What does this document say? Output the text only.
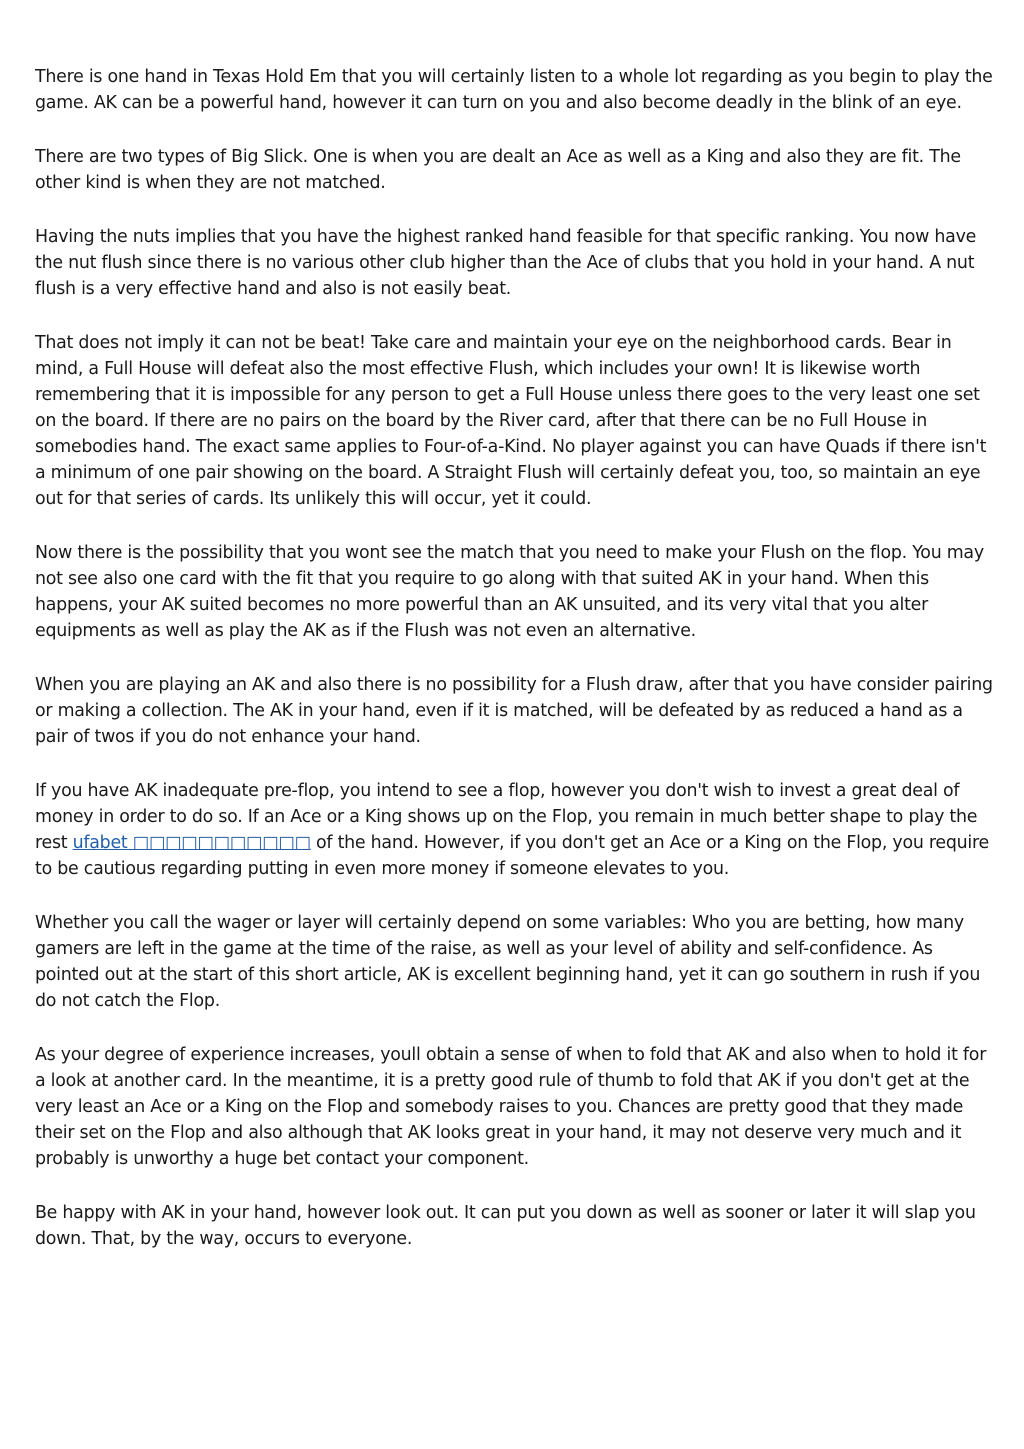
There is one hand in Texas Hold Em that you will certainly listen to a whole lot regarding as you begin to play the game. AK can be a powerful hand, however it can turn on you and also become deadly in the blink of an eye.

There are two types of Big Slick. One is when you are dealt an Ace as well as a King and also they are fit. The other kind is when they are not matched.

Having the nuts implies that you have the highest ranked hand feasible for that specific ranking. You now have the nut flush since there is no various other club higher than the Ace of clubs that you hold in your hand. A nut flush is a very effective hand and also is not easily beat.

That does not imply it can not be beat! Take care and maintain your eye on the neighborhood cards. Bear in mind, a Full House will defeat also the most effective Flush, which includes your own! It is likewise worth remembering that it is impossible for any person to get a Full House unless there goes to the very least one set on the board. If there are no pairs on the board by the River card, after that there can be no Full House in somebodies hand. The exact same applies to Four-of-a-Kind. No player against you can have Quads if there isn't a minimum of one pair showing on the board. A Straight Flush will certainly defeat you, too, so maintain an eye out for that series of cards. Its unlikely this will occur, yet it could.

Now there is the possibility that you wont see the match that you need to make your Flush on the flop. You may not see also one card with the fit that you require to go along with that suited AK in your hand. When this happens, your AK suited becomes no more powerful than an AK unsuited, and its very vital that you alter equipments as well as play the AK as if the Flush was not even an alternative.

When you are playing an AK and also there is no possibility for a Flush draw, after that you have consider pairing or making a collection. The AK in your hand, even if it is matched, will be defeated by as reduced a hand as a pair of twos if you do not enhance your hand.

If you have AK inadequate pre-flop, you intend to see a flop, however you don't wish to invest a great deal of money in order to do so. If an Ace or a King shows up on the Flop, you remain in much better shape to play the rest ufabet □□□□□□□□□□□ of the hand. However, if you don't get an Ace or a King on the Flop, you require to be cautious regarding putting in even more money if someone elevates to you.

Whether you call the wager or layer will certainly depend on some variables: Who you are betting, how many gamers are left in the game at the time of the raise, as well as your level of ability and self-confidence. As pointed out at the start of this short article, AK is excellent beginning hand, yet it can go southern in rush if you do not catch the Flop.

As your degree of experience increases, youll obtain a sense of when to fold that AK and also when to hold it for a look at another card. In the meantime, it is a pretty good rule of thumb to fold that AK if you don't get at the very least an Ace or a King on the Flop and somebody raises to you. Chances are pretty good that they made their set on the Flop and also although that AK looks great in your hand, it may not deserve very much and it probably is unworthy a huge bet contact your component.

Be happy with AK in your hand, however look out. It can put you down as well as sooner or later it will slap you down. That, by the way, occurs to everyone.
